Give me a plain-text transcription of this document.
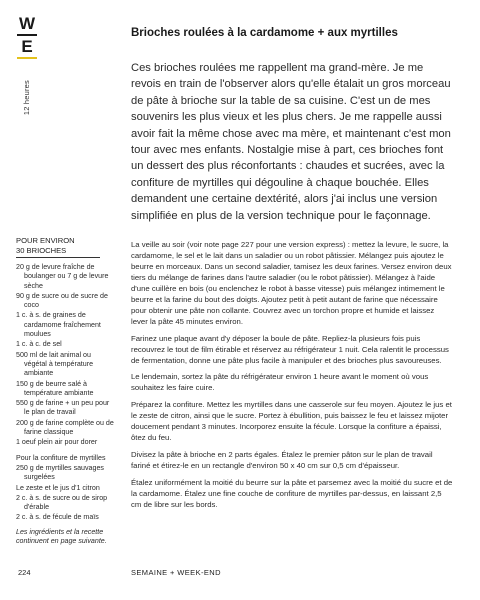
W
E
12 heures
Brioches roulées à la cardamome + aux myrtilles
Ces brioches roulées me rappellent ma grand-mère. Je me revois en train de l'observer alors qu'elle étalait un gros morceau de pâte à brioche sur la table de sa cuisine. C'est un de mes souvenirs les plus vieux et les plus chers. Je me rappelle aussi avoir fait la même chose avec ma mère, et maintenant c'est mon tour avec mes enfants. Nostalgie mise à part, ces brioches font un dessert des plus réconfortants : chaudes et sucrées, avec la confiture de myrtilles qui dégouline à chaque bouchée. Elles demandent une certaine dextérité, alors j'ai inclus une version simplifiée en plus de la version technique pour le façonnage.
POUR ENVIRON
30 BRIOCHES
20 g de levure fraîche de boulanger ou 7 g de levure sèche
90 g de sucre ou de sucre de coco
1 c. à s. de graines de cardamome fraîchement moulues
1 c. à c. de sel
500 ml de lait animal ou végétal à température ambiante
150 g de beurre salé à température ambiante
550 g de farine + un peu pour le plan de travail
200 g de farine complète ou de farine classique
1 oeuf plein air pour dorer
Pour la confiture de myrtilles
250 g de myrtilles sauvages surgelées
Le zeste et le jus d'1 citron
2 c. à s. de sucre ou de sirop d'érable
2 c. à s. de fécule de maïs
Les ingrédients et la recette continuent en page suivante.

La veille au soir (voir note page 227 pour une version express) : mettez la levure, le sucre, la cardamome, le sel et le lait dans un saladier ou un robot pâtissier. Mélangez puis ajoutez le beurre en morceaux. Dans un second saladier, tamisez les deux farines. Versez environ deux tiers du mélange de farines dans l'autre saladier (ou le robot pâtissier). Mélangez à l'aide d'une cuillère en bois (ou enclenchez le robot à basse vitesse) puis mélangez intimement le beurre et la farine du bout des doigts. Ajoutez petit à petit autant de farine que nécessaire pour obtenir une pâte non collante. Couvrez avec un torchon propre et humide et laissez lever la pâte 45 minutes environ.

Farinez une plaque avant d'y déposer la boule de pâte. Repliez-la plusieurs fois puis recouvrez le tout de film étirable et réservez au réfrigérateur 1 nuit. Cela ralentit le processus de fermentation, donne une pâte plus facile à manipuler et des brioches plus savoureuses.

Le lendemain, sortez la pâte du réfrigérateur environ 1 heure avant le moment où vous souhaitez les faire cuire.

Préparez la confiture. Mettez les myrtilles dans une casserole sur feu moyen. Ajoutez le jus et le zeste de citron, ainsi que le sucre. Portez à ébullition, puis baissez le feu et laissez mijoter doucement pendant 3 minutes. Incorporez ensuite la fécule. Lorsque la confiture a épaissi, ôtez du feu.

Divisez la pâte à brioche en 2 parts égales. Étalez le premier pâton sur le plan de travail fariné et étirez-le en un rectangle d'environ 50 x 40 cm sur 0,5 cm d'épaisseur.

Étalez uniformément la moitié du beurre sur la pâte et parsemez avec la moitié du sucre et de la cardamome. Étalez une fine couche de confiture de myrtilles par-dessus, en laissant 2,5 cm de libre sur les bords.

224	SEMAINE + WEEK-END
